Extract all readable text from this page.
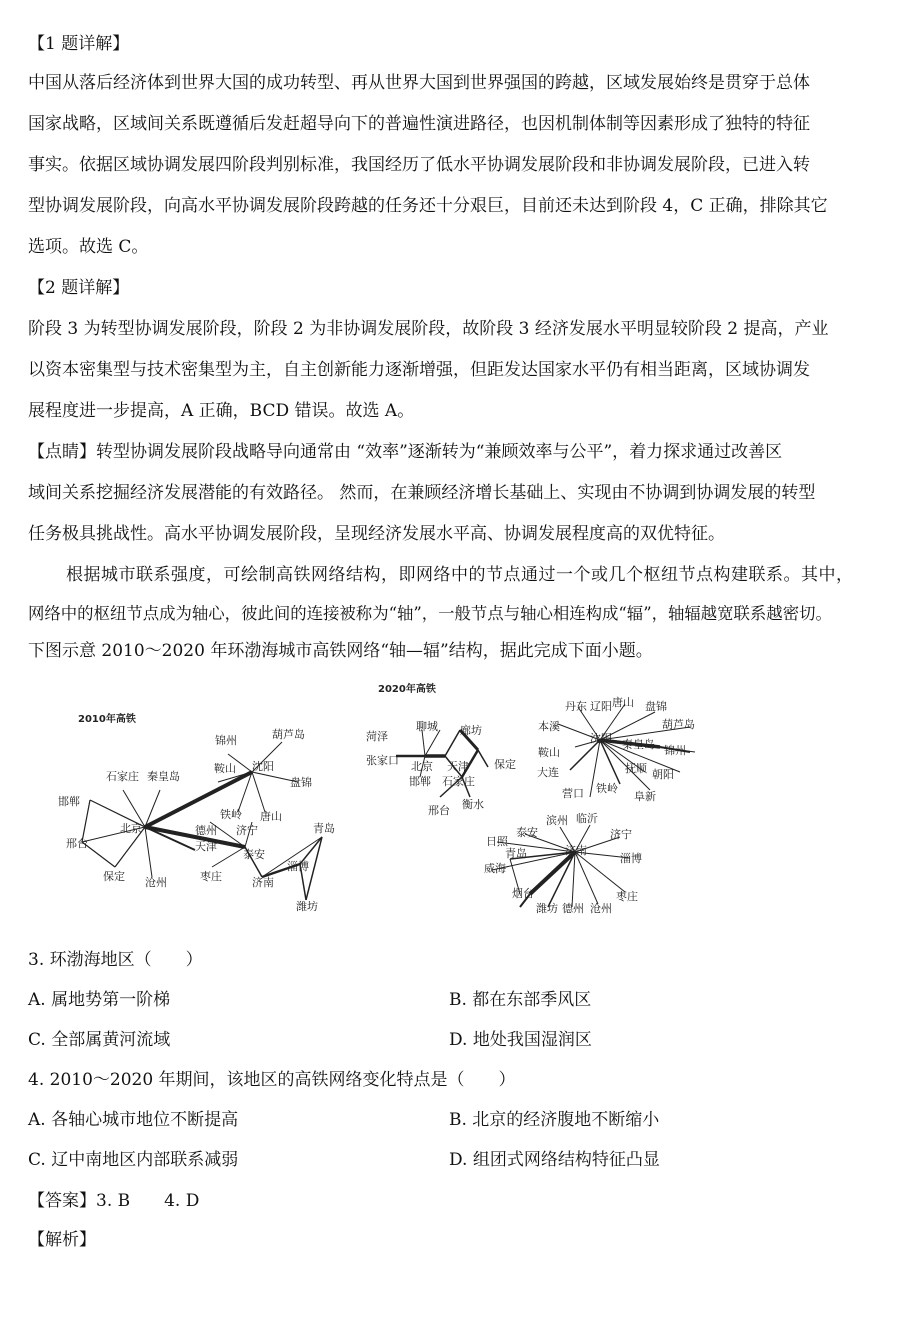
【1 题详解】
中国从落后经济体到世界大国的成功转型、再从世界大国到世界强国的跨越，区域发展始终是贯穿于总体
国家战略，区域间关系既遵循后发赶超导向下的普遍性演进路径，也因机制体制等因素形成了独特的特征
事实。依据区域协调发展四阶段判别标准，我国经历了低水平协调发展阶段和非协调发展阶段，已进入转
型协调发展阶段，向高水平协调发展阶段跨越的任务还十分艰巨，目前还未达到阶段 4，C 正确，排除其它
选项。故选 C。
【2 题详解】
阶段 3 为转型协调发展阶段，阶段 2 为非协调发展阶段，故阶段 3 经济发展水平明显较阶段 2 提高，产业
以资本密集型与技术密集型为主，自主创新能力逐渐增强，但距发达国家水平仍有相当距离，区域协调发
展程度进一步提高，A 正确，BCD 错误。故选 A。
【点睛】转型协调发展阶段战略导向通常由 “效率”逐渐转为“兼顾效率与公平”，着力探求通过改善区
域间关系挖掘经济发展潜能的有效路径。 然而，在兼顾经济增长基础上、实现由不协调到协调发展的转型
任务极具挑战性。高水平协调发展阶段，呈现经济发展水平高、协调发展程度高的双优特征。
根据城市联系强度，可绘制高铁网络结构，即网络中的节点通过一个或几个枢纽节点构建联系。其中，
网络中的枢纽节点成为轴心，彼此间的连接被称为“轴”，一般节点与轴心相连构成“辐”，轴辐越宽联系越密切。
下图示意 2010～2020 年环渤海城市高铁网络“轴—辐”结构，据此完成下面小题。
2010年高铁
锦州	葫芦岛
石家庄 秦皇岛
鞍山 沈阳
盘锦
邯郸
铁岭 唐山
德州 济宁
北京
天津
青岛
邢台
泰安
淄博
保定 沧州	济南
枣庄
潍坊
2020年高铁
菏泽
聊城 廊坊
张家口 北京 天津 保定
邯郸 石家庄
邢台 衡水
丹东 辽阳 唐山 盘锦
本溪	葫芦岛
沈阳 秦皇岛 锦州
鞍山
大连	抚顺 朝阳
营口 铁岭
阜新
滨州 临沂
济宁
泰安
日照
济南
淄博
威海
青岛
枣庄
烟台
潍坊 德州 沧州
3. 环渤海地区（　　）
A. 属地势第一阶梯	B. 都在东部季风区
C. 全部属黄河流域	D. 地处我国湿润区
4. 2010～2020 年期间，该地区的高铁网络变化特点是（　　）
A. 各轴心城市地位不断提高	B. 北京的经济腹地不断缩小
C. 辽中南地区内部联系减弱	D. 组团式网络结构特征凸显
【答案】3. B　　4. D
【解析】
